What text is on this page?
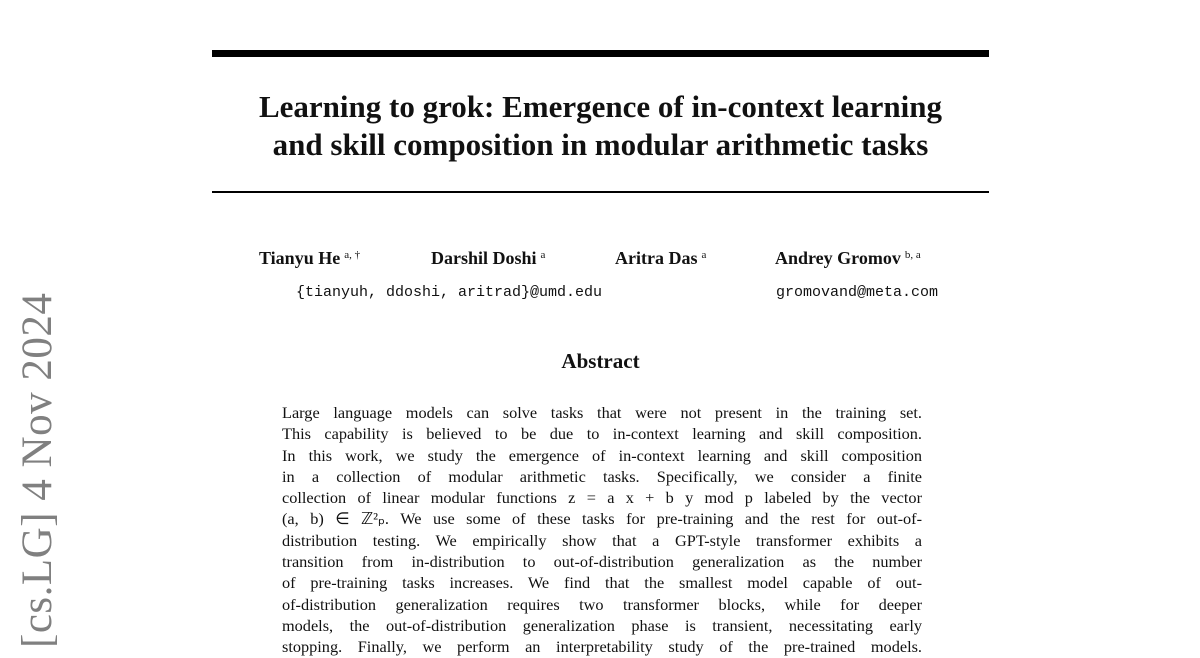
Learning to grok: Emergence of in-context learning
and skill composition in modular arithmetic tasks
Tianyu He $^{a, \dagger}$	Darshil Doshi $^a$	Aritra Das $^a$	Andrey Gromov $^{b, a}$
{tianyuh, ddoshi, aritrad}@umd.edu	gromovand@meta.com
Abstract
Large language models can solve tasks that were not present in the training set.
This capability is believed to be due to in-context learning and skill composition.
In this work, we study the emergence of in-context learning and skill composition
in a collection of modular arithmetic tasks. Specifically, we consider a finite
collection of linear modular functions z = a x + b y mod p labeled by the vector
(a, b) ∈ ℤ²ₚ. We use some of these tasks for pre-training and the rest for out-of-
distribution testing. We empirically show that a GPT-style transformer exhibits a
transition from in-distribution to out-of-distribution generalization as the number
of pre-training tasks increases. We find that the smallest model capable of out-
of-distribution generalization requires two transformer blocks, while for deeper
models, the out-of-distribution generalization phase is transient, necessitating early
stopping. Finally, we perform an interpretability study of the pre-trained models.
[cs.LG] 4 Nov 2024
